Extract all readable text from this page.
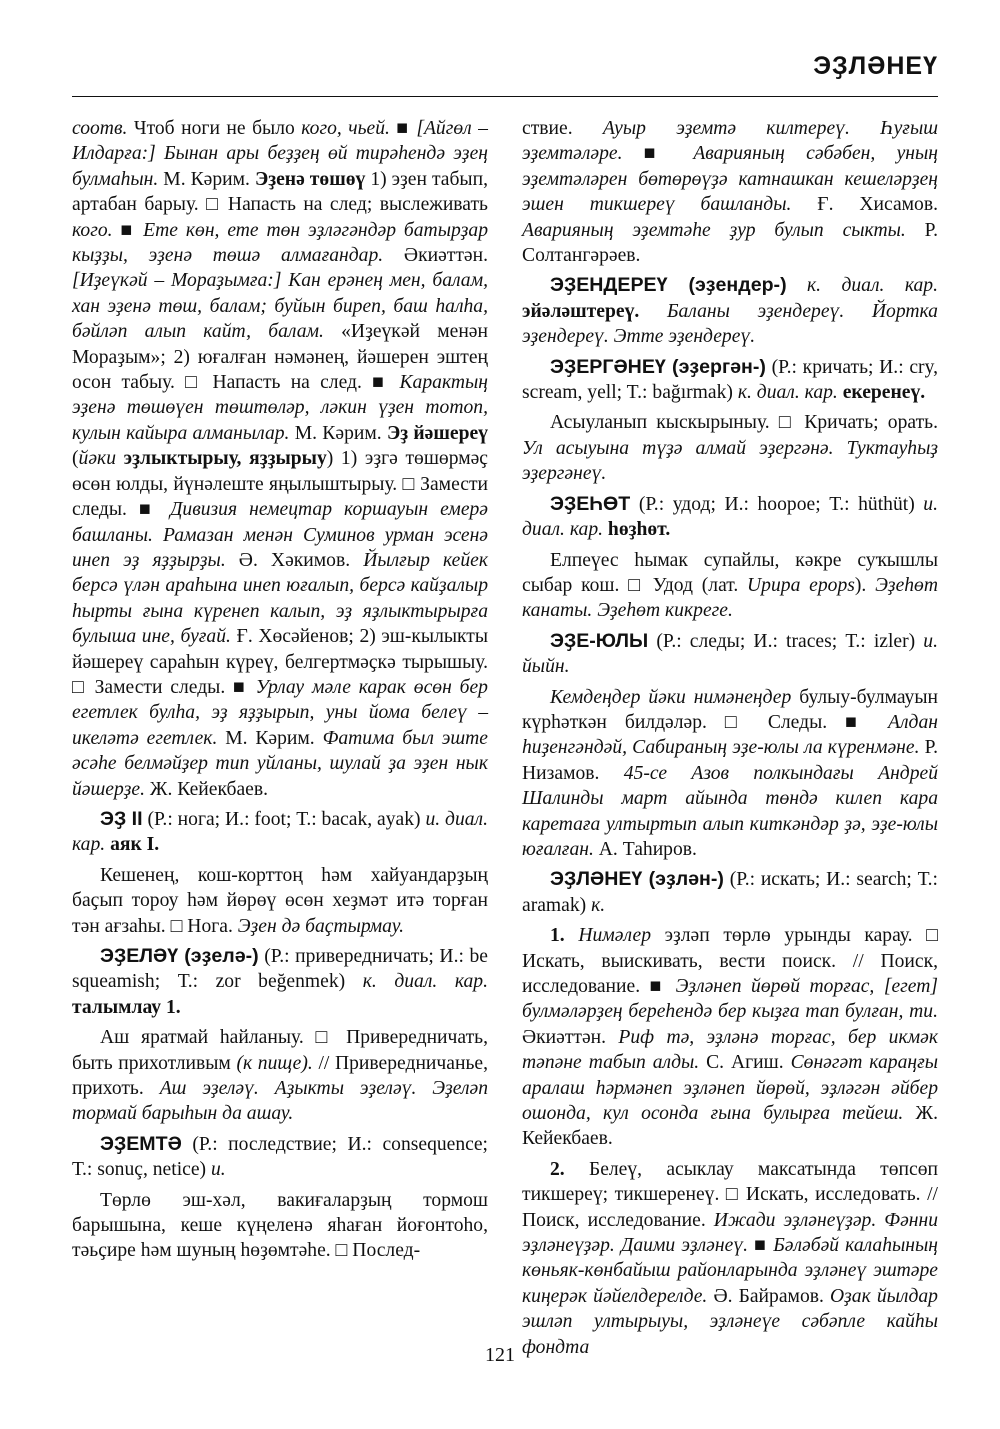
ЭҘЛӘНЕҮ

соотв. Чтоб ноги не было кого, чьей. ■ [Айгөл – Илдарға:] Бынан ары беҙҙең өй тирәһендә эҙең булмаһын. М. Кәрим. Эҙенә төшөү 1) эҙен табып, артабан барыу. □ Напасть на след; выслеживать кого. ■ Ете көн, ете төн эҙләгәндәр батырҙар кыҙҙы, эҙенә төшә алмағандар. Әкиәттән. [Иҙеүкәй – Мораҙымға:] Кан ерәнең мен, балам, хан эҙенә төш, балам; буйын биреп, баш һалһа, бәйләп алып кайт, балам. «Иҙеүкәй менән Мораҙым»; 2) юғалған нәмәнең, йәшерен эштең осон табыу. □ Напасть на след. ■ Карактың эҙенә төшөүен төштөләр, ләкин үҙен тотоп, кулын кайыра алманылар. М. Кәрим. Эҙ йәшереү (йәки эҙлыктырыу, яҙҙырыу) 1) эҙгә төшөрмәҫ өсөн юлды, йүнәлеште яңылыштырыу. □ Замести следы. ■ Дивизия немецтар коршауын емерә башланы. Рамазан менән Суминов урман эсенә инеп эҙ яҙҙырҙы. Ә. Хәкимов. Йылғыр кейек берсә үлән араһына инеп юғалып, берсә кайҙалыр һырты ғына күренеп калып, эҙ яҙлыктырырға булыша ине, буғай. Ғ. Хөсәйенов; 2) эш-кылыкты йәшереү сараһын күреү, белгертмәҫкә тырышыу. □ Замести следы. ■ Урлау мәле карак өсөн бер егетлек булһа, эҙ яҙҙырып, уны йома белеү – икеләтә егетлек. М. Кәрим. Фатима был эште әсәһе белмәйҙер тип уйланы, шулай ҙа эҙен нык йәшерҙе. Ж. Кейекбаев.

ЭҘ II (Р.: нога; И.: foot; Т.: bacak, ayak) и. диал. кар. аяк I.

Кешенең, кош-корттоң һәм хайуандарҙың баҫып тороу һәм йөрөү өсөн хеҙмәт итә торған тән ағзаһы. □ Нога. Эҙен дә баҫтырмау.

ЭҘЕЛӘҮ (эҙелә-) (Р.: привередничать; И.: be squeamish; Т.: zor beğenmek) к. диал. кар. талымлау 1.

Аш яратмай һайланыу. □ Привередничать, быть прихотливым (к пище). // Привередничанье, прихоть. Аш эҙеләү. Аҙыкты эҙеләү. Эҙеләп тормай барыһын да ашау.

ЭҘЕМТӘ (Р.: последствие; И.: consequence; Т.: sonuç, netice) и.

Төрлө эш-хәл, вакиғаларҙың тормош барышына, кеше күңеленә яһаған йоғонтоһо, тәьҫире һәм шуның һөҙөмтәһе. □ Послед-

ствие. Ауыр эҙемтә килтереү. Һуғыш эҙемтәләре. ■ Аварияның сәбәбен, уның эҙемтәләрен бөтөрөүҙә катнашкан кешеләрҙең эшен тикшереү башланды. Ғ. Хисамов. Аварияның эҙемтәһе ҙур булып сыкты. Р. Солтангәрәев.

ЭҘЕНДЕРЕҮ (эҙендер-) к. диал. кар. эйәләштереү. Баланы эҙендереү. Йортка эҙендереү. Этте эҙендереү.

ЭҘЕРГӘНЕҮ (эҙергән-) (Р.: кричать; И.: cry, scream, yell; T.: bağırmak) к. диал. кар. екеренеү.

Асыуланып кыскырыныу. □ Кричать; орать. Ул асыуына түҙә алмай эҙергәнә. Туктауһыҙ эҙергәнеү.

ЭҘЕҺӨТ (Р.: удод; И.: hoopoe; Т.: hüthüt) и. диал. кар. һөҙһөт.

Елпеүес һымак супайлы, кәкре суҡышлы сыбар кош. □ Удод (лат. Upира epops). Эҙеһөт канаты. Эҙеһөт кикреге.

ЭҘЕ-ЮЛЫ (Р.: следы; И.: traces; Т.: izler) и. йыйн.

Кемдеңдер йәки нимәнеңдер булыу-булмауын күрһәткән билдәләр. □ Следы. ■ Алдан һиҙенгәндәй, Сабираның эҙе-юлы ла күренмәне. Р. Низамов. 45-се Азов полкындағы Андрей Шалинды март айында төндә килеп кара каретаға ултыртып алып киткәндәр ҙә, эҙе-юлы юғалған. А. Таһиров.

ЭҘЛӘНЕҮ (эҙлән-) (Р.: искать; И.: search; Т.: aramak) к.

1. Нимәлер эҙләп төрлө урынды карау. □ Искать, выискивать, вести поиск. // Поиск, исследование. ■ Эҙләнеп йөрөй торғас, [егет] булмәләрҙең береһендә бер кыҙға тап булған, ти. Әкиәттән. Риф тә, эҙләнә торғас, бер икмәк тәпәне табып алды. С. Агиш. Сөнәгәт караңғы аралаш һәрмәнеп эҙләнеп йөрөй, эҙләгән әйбер ошонда, кул осонда ғына булырға тейеш. Ж. Кейекбаев.

2. Белеү, асыклау максатында төпсөп тикшереү; тикшеренеү. □ Искать, исследовать. // Поиск, исследование. Ижади эҙләнеүҙәр. Фәнни эҙләнеүҙәр. Даими эҙләнеү. ■ Бәләбәй калаһының көньяк-көнбайыш районларында эҙләнеү эштәре киңерәк йәйелдерелде. Ә. Байрамов. Оҙак йылдар эшләп ултырыуы, эҙләнеүе сәбәпле кайһы фондта

121
